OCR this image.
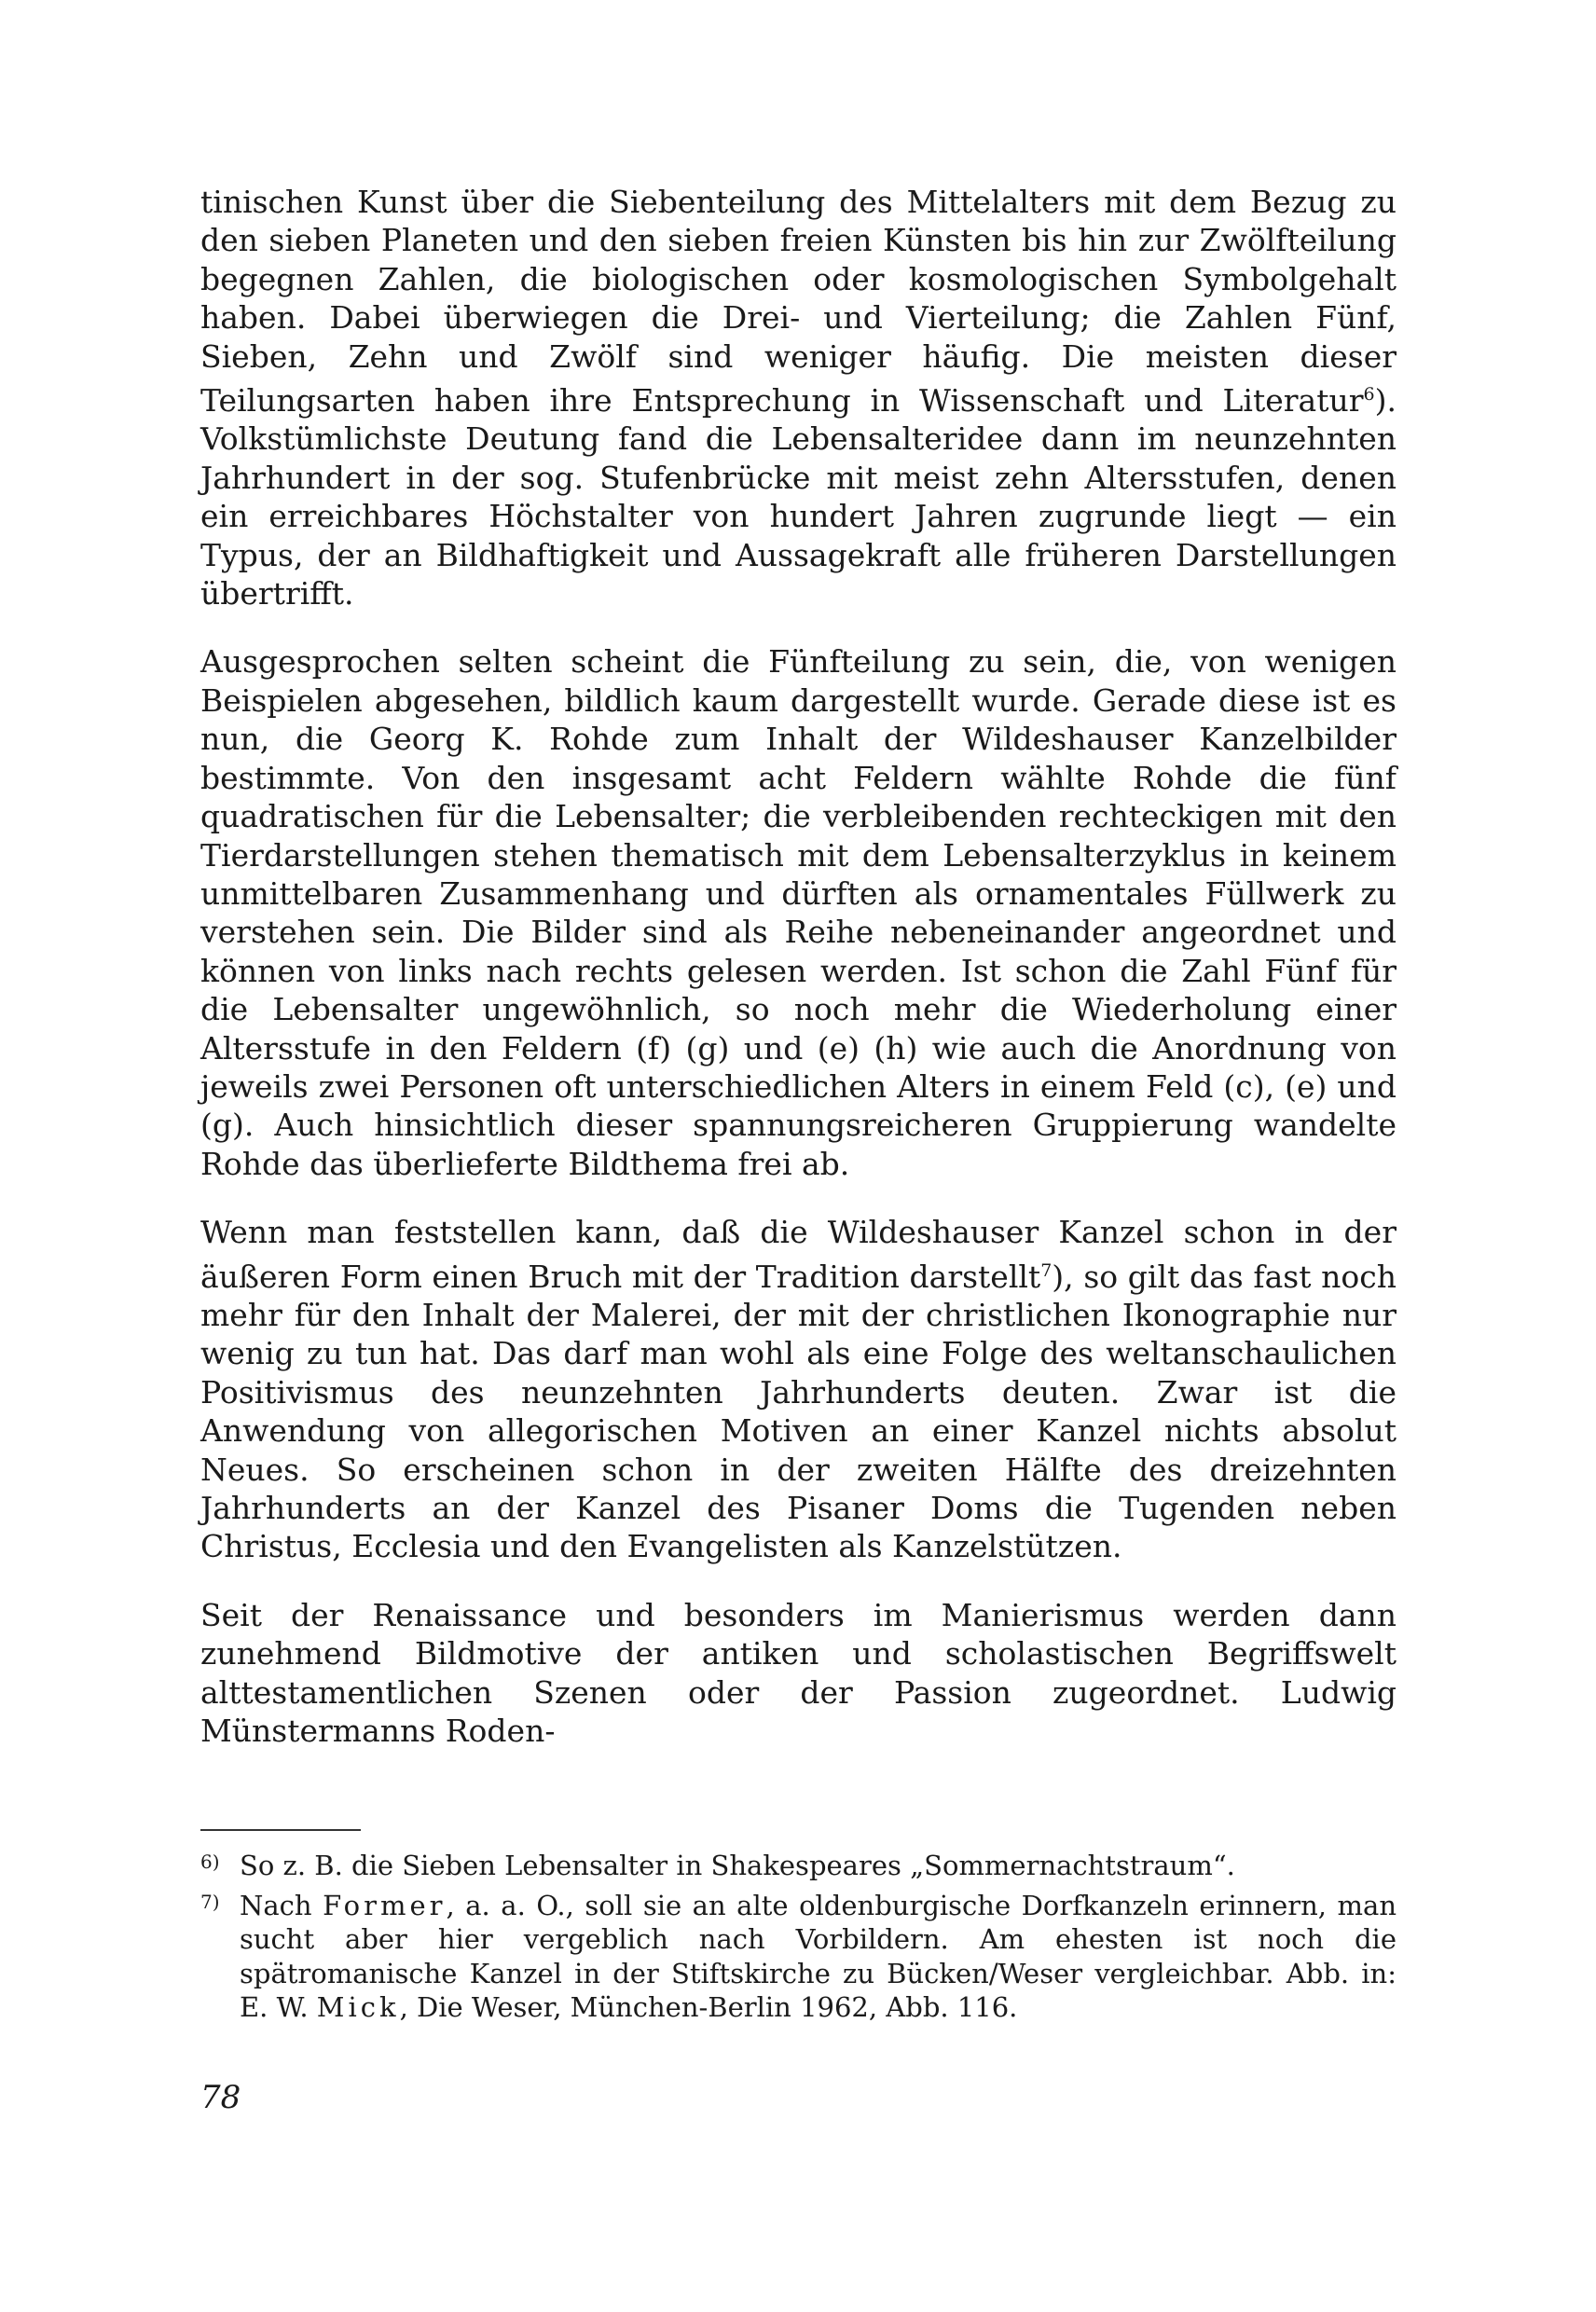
tinischen Kunst über die Siebenteilung des Mittelalters mit dem Bezug zu den sieben Planeten und den sieben freien Künsten bis hin zur Zwölfteilung begegnen Zahlen, die biologischen oder kosmologischen Symbolgehalt haben. Dabei überwiegen die Drei- und Vierteilung; die Zahlen Fünf, Sieben, Zehn und Zwölf sind weniger häufig. Die meisten dieser Teilungsarten haben ihre Entsprechung in Wissenschaft und Literatur$^6$). Volkstümlichste Deutung fand die Lebensalteridee dann im neunzehnten Jahrhundert in der sog. Stufenbrücke mit meist zehn Altersstufen, denen ein erreichbares Höchstalter von hundert Jahren zugrunde liegt — ein Typus, der an Bildhaftigkeit und Aussagekraft alle früheren Darstellungen übertrifft.

Ausgesprochen selten scheint die Fünfteilung zu sein, die, von wenigen Beispielen abgesehen, bildlich kaum dargestellt wurde. Gerade diese ist es nun, die Georg K. Rohde zum Inhalt der Wildeshauser Kanzelbilder bestimmte. Von den insgesamt acht Feldern wählte Rohde die fünf quadratischen für die Lebensalter; die verbleibenden rechteckigen mit den Tierdarstellungen stehen thematisch mit dem Lebensalterzyklus in keinem unmittelbaren Zusammenhang und dürften als ornamentales Füllwerk zu verstehen sein. Die Bilder sind als Reihe nebeneinander angeordnet und können von links nach rechts gelesen werden. Ist schon die Zahl Fünf für die Lebensalter ungewöhnlich, so noch mehr die Wiederholung einer Altersstufe in den Feldern (f) (g) und (e) (h) wie auch die Anordnung von jeweils zwei Personen oft unterschiedlichen Alters in einem Feld (c), (e) und (g). Auch hinsichtlich dieser spannungsreicheren Gruppierung wandelte Rohde das überlieferte Bildthema frei ab.

Wenn man feststellen kann, daß die Wildeshauser Kanzel schon in der äußeren Form einen Bruch mit der Tradition darstellt$^7$), so gilt das fast noch mehr für den Inhalt der Malerei, der mit der christlichen Ikonographie nur wenig zu tun hat. Das darf man wohl als eine Folge des weltanschaulichen Positivismus des neunzehnten Jahrhunderts deuten. Zwar ist die Anwendung von allegorischen Motiven an einer Kanzel nichts absolut Neues. So erscheinen schon in der zweiten Hälfte des dreizehnten Jahrhunderts an der Kanzel des Pisaner Doms die Tugenden neben Christus, Ecclesia und den Evangelisten als Kanzelstützen.

Seit der Renaissance und besonders im Manierismus werden dann zunehmend Bildmotive der antiken und scholastischen Begriffswelt alttestamentlichen Szenen oder der Passion zugeordnet. Ludwig Münstermanns Roden-

6) So z. B. die Sieben Lebensalter in Shakespeares „Sommernachtstraum“.
7) Nach Former, a. a. O., soll sie an alte oldenburgische Dorfkanzeln erinnern, man sucht aber hier vergeblich nach Vorbildern. Am ehesten ist noch die spätromanische Kanzel in der Stiftskirche zu Bücken/Weser vergleichbar. Abb. in: E. W. Mick, Die Weser, München-Berlin 1962, Abb. 116.
78
